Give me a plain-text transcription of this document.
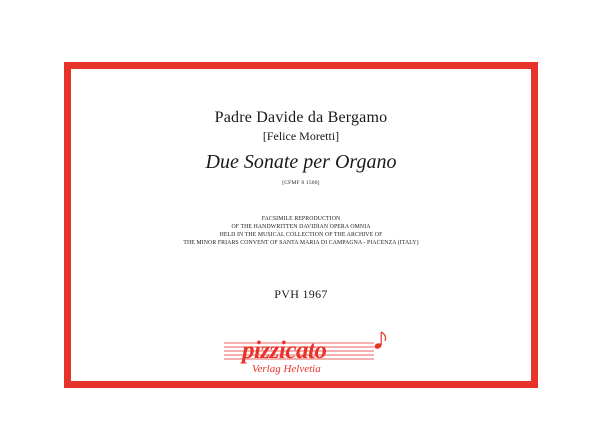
Padre Davide da Bergamo
[Felice Moretti]
Due Sonate per Organo
[CFMF 8 1500]
FACSIMILE REPRODUCTION
OF THE HANDWRITTEN DAVIDIAN OPERA OMNIA
HELD IN THE MUSICAL COLLECTION OF THE ARCHIVE OF
THE MINOR FRIARS CONVENT OF SANTA MARIA DI CAMPAGNA - PIACENZA (ITALY)
PVH 1967
pizzicato
Verlag Helvetia
